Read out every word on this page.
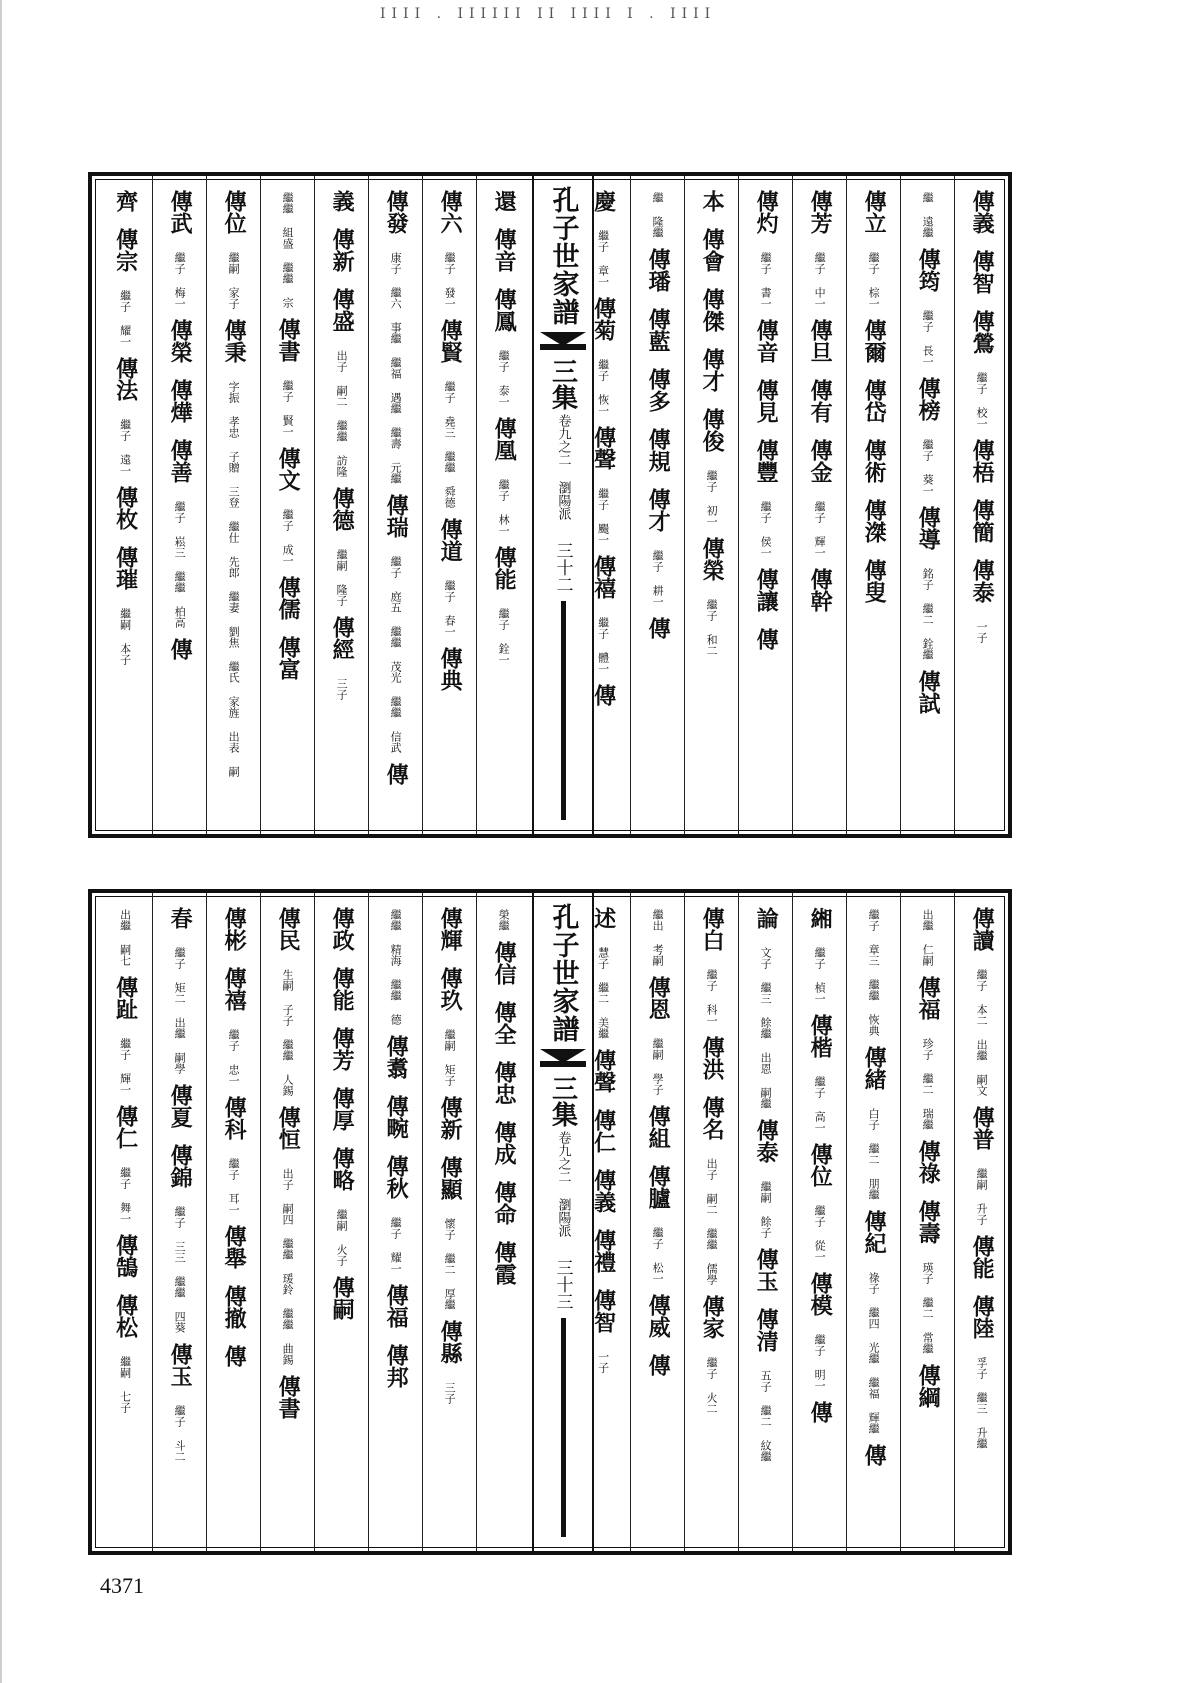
IIII . IIIIII II IIII I . IIII
傳義
傳智
傳鶯
繼子 校一
傳梧
傳簡
傳泰
一子
繼 遠繼
傳筠
繼子 長一
傳榜
繼子 葵一
傳導
銘子 繼二 銓繼
傳試
傳立
繼子 棕一
傳爾
傳岱
傳術
傳滐
傳叟
傳芳
繼子 中一
傳旦
傳有
傳金
繼子 輝一
傳幹
傳灼
繼子 書一
傳音
傳見
傳豐
繼子 侯一
傳讓
傳
本
傳會
傳傑
傳才
傳俊
繼子 初一
傳榮
繼子 和二
繼 隆繼
傳璠
傳藍
傳多
傳規
傳才
繼子 耕一
傳
慶
繼子 章一
傳菊
繼子 恢一
傳聲
繼子 颺一
傳禧
繼子 體一
傳
孔子世家譜
三集
卷九之二 瀏陽派
三十二
還
傳音
傳鳳
繼子 泰一
傳凰
繼子 林一
傳能
繼子 銓一
傳六
繼子 發一
傳賢
繼子 堯三 繼繼 舜德
傳道
繼子 春一
傳典
傳發
康子 繼六 事繼 繼福 遇繼 繼壽 元繼
傳瑞
繼子 庭五 繼繼 茂光 繼繼 信武
傳
義
傳新
傳盛
出子 嗣二 繼繼 訪隆
傳德
繼嗣 隆子
傳經
三子
繼繼 組盛 繼繼 宗
傳書
繼子 賢一
傳文
繼子 成一
傳儒
傳富
傳位
繼嗣 家子
傳秉
字振 孝忠 子贈 三登 繼仕 先郎 繼妻 劉焦 繼氏 家旌 出表 嗣
傳武
繼子 梅一
傳榮
傳燁
傳善
繼子 崧三 繼繼 柏高
傳
齊
傳宗
繼子 耀一
傳法
繼子 遠一
傳枚
傳璀
繼嗣 本子
傳讀
繼子 本二 出繼 嗣文
傳普
繼嗣 升子
傳能
傳陸
孚子 繼三 升繼
出繼 仁嗣
傳福
珍子 繼二 瑞繼
傳祿
傳壽
瑛子 繼二 常繼
傳綱
繼子 章三 繼繼 恢典
傳緒
白子 繼二 朋繼
傳紀
祿子 繼四 光繼 繼福 輝繼
傳
緗
繼子 楨一
傳楷
繼子 高一
傳位
繼子 從一
傳模
繼子 明一
傳
論
文子 繼三 餘繼 出恩 嗣繼
傳泰
繼嗣 餘子
傳玉
傳清
五子 繼二 紋繼
傳白
繼子 科一
傳洪
傳名
出子 嗣二 繼繼 儒學
傳家
繼子 火二
繼出 考嗣
傳恩
繼嗣 學子
傳組
傳臚
繼子 松一
傳威
傳
述
慧子 繼二 美繼
傳聲
傳仁
傳義
傳禮
傳智
一子
孔子世家譜
三集
卷九之二 瀏陽派
三十三
榮繼
傳信
傳全
傳忠
傳成
傳命
傳霞
傳輝
傳玖
繼嗣 矩子
傳新
傳顯
懷子 繼二 厚繼
傳縣
三子
繼繼 精海 繼繼 德
傳翥
傳畹
傳秋
繼子 耀一
傳福
傳邦
傳政
傳能
傳芳
傳厚
傳略
繼嗣 火子
傳嗣
傳民
生嗣 子子 繼繼 人錫
傳恒
出子 嗣四 繼繼 瑗鈴 繼繼 曲錫
傳書
傳彬
傳禧
繼子 忠一
傳科
繼子 耳一
傳舉
傳撤
傳
春
繼子 矩二 出繼 嗣學
傳夏
傳錦
繼子 三三 繼繼 四葵
傳玉
繼子 斗二
出繼 嗣七
傳趾
繼子 輝一
傳仁
繼子 舞一
傳鵠
傳松
繼嗣 七子
4371
